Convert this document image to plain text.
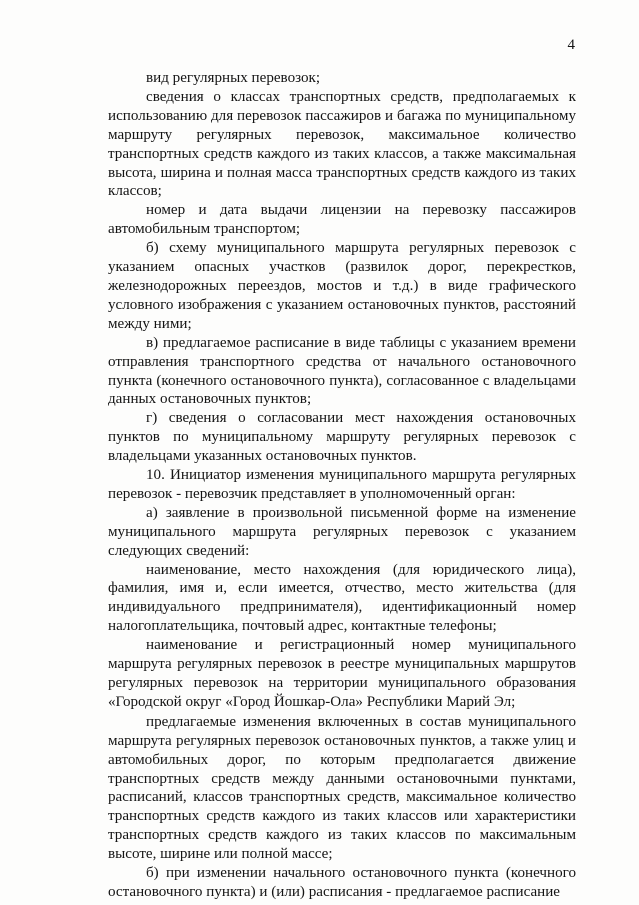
4

вид регулярных перевозок;

сведения о классах транспортных средств, предполагаемых к использованию для перевозок пассажиров и багажа по муниципальному маршруту регулярных перевозок, максимальное количество транспортных средств каждого из таких классов, а также максимальная высота, ширина и полная масса транспортных средств каждого из таких классов;

номер и дата выдачи лицензии на перевозку пассажиров автомобильным транспортом;

б) схему муниципального маршрута регулярных перевозок с указанием опасных участков (развилок дорог, перекрестков, железнодорожных переездов, мостов и т.д.) в виде графического условного изображения с указанием остановочных пунктов, расстояний между ними;

в) предлагаемое расписание в виде таблицы с указанием времени отправления транспортного средства от начального остановочного пункта (конечного остановочного пункта), согласованное с владельцами данных остановочных пунктов;

г) сведения о согласовании мест нахождения остановочных пунктов по муниципальному маршруту регулярных перевозок с владельцами указанных остановочных пунктов.

10. Инициатор изменения муниципального маршрута регулярных перевозок - перевозчик представляет в уполномоченный орган:

а) заявление в произвольной письменной форме на изменение муниципального маршрута регулярных перевозок с указанием следующих сведений:

наименование, место нахождения (для юридического лица), фамилия, имя и, если имеется, отчество, место жительства (для индивидуального предпринимателя), идентификационный номер налогоплательщика, почтовый адрес, контактные телефоны;

наименование и регистрационный номер муниципального маршрута регулярных перевозок в реестре муниципальных маршрутов регулярных перевозок на территории муниципального образования «Городской округ «Город Йошкар-Ола» Республики Марий Эл;

предлагаемые изменения включенных в состав муниципального маршрута регулярных перевозок остановочных пунктов, а также улиц и автомобильных дорог, по которым предполагается движение транспортных средств между данными остановочными пунктами, расписаний, классов транспортных средств, максимальное количество транспортных средств каждого из таких классов или характеристики транспортных средств каждого из таких классов по максимальным высоте, ширине или полной массе;

б) при изменении начального остановочного пункта (конечного остановочного пункта) и (или) расписания - предлагаемое расписание
